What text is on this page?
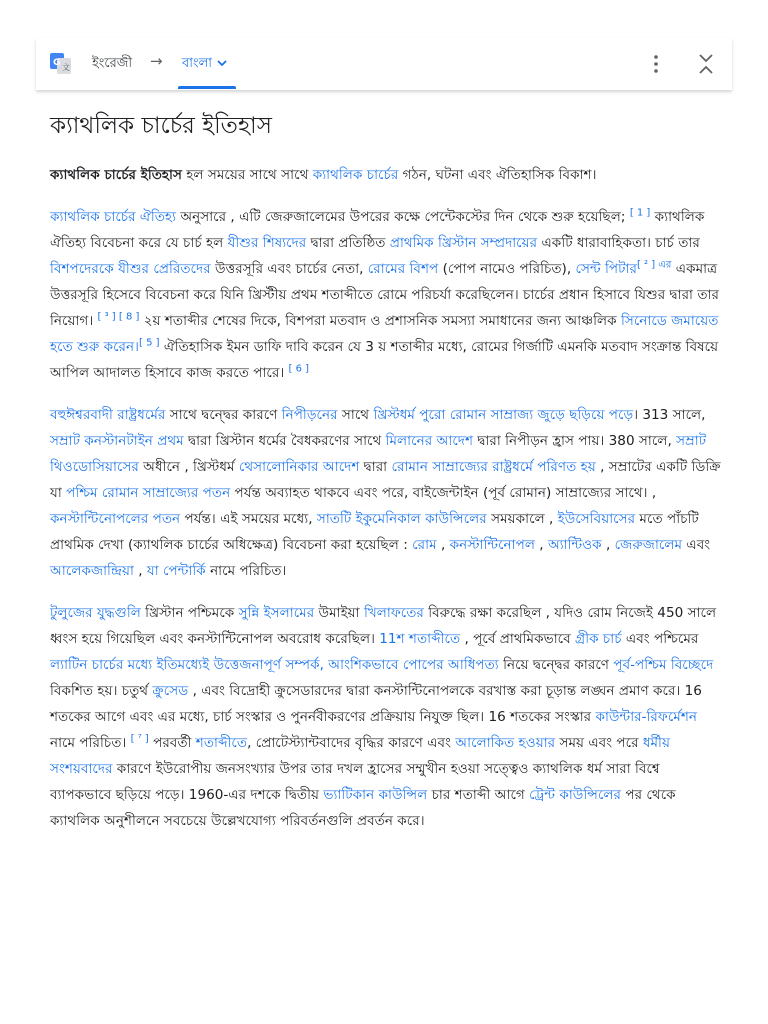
G 文 ইংরেজী → বাংলা
ক্যাথলিক চার্চের ইতিহাস

ক্যাথলিক চার্চের ইতিহাস হল সময়ের সাথে সাথে ক্যাথলিক চার্চের গঠন, ঘটনা এবং ঐতিহাসিক বিকাশ।

ক্যাথলিক চার্চের ঐতিহ্য অনুসারে , এটি জেরুজালেমের উপরের কক্ষে পেন্টেকস্টের দিন থেকে শুরু হয়েছিল; [ 1 ] ক্যাথলিক ঐতিহ্য বিবেচনা করে যে চার্চ হল যীশুর শিষ্যদের দ্বারা প্রতিষ্ঠিত প্রাথমিক খ্রিস্টান সম্প্রদায়ের একটি ধারাবাহিকতা। চার্চ তার বিশপদেরকে যীশুর প্রেরিতদের উত্তরসূরি এবং চার্চের নেতা, রোমের বিশপ (পোপ নামেও পরিচিত), সেন্ট পিটার$^{[ ^2 ] এর}$ একমাত্র উত্তরসূরি হিসেবে বিবেচনা করে যিনি খ্রিস্টীয় প্রথম শতাব্দীতে রোমে পরিচর্যা করেছিলেন। চার্চের প্রধান হিসাবে যিশুর দ্বারা তার নিয়োগ। [ ³ ] [ 8 ] ২য় শতাব্দীর শেষের দিকে, বিশপরা মতবাদ ও প্রশাসনিক সমস্যা সমাধানের জন্য আঞ্চলিক সিনোডে জমায়েত হতে শুরু করেন।[ 5 ] ঐতিহাসিক ইমন ডাফি দাবি করেন যে 3 য় শতাব্দীর মধ্যে, রোমের গির্জাটি এমনকি মতবাদ সংক্রান্ত বিষয়ে আপিল আদালত হিসাবে কাজ করতে পারে। [ 6 ]

বহুঈশ্বরবাদী রাষ্ট্রধর্মের সাথে দ্বন্দ্বের কারণে নিপীড়নের সাথে খ্রিস্টধর্ম পুরো রোমান সাম্রাজ্য জুড়ে ছড়িয়ে পড়ে। 313 সালে, সম্রাট কনস্টানটাইন প্রথম দ্বারা খ্রিস্টান ধর্মের বৈধকরণের সাথে মিলানের আদেশ দ্বারা নিপীড়ন হ্রাস পায়। 380 সালে, সম্রাট থিওডোসিয়াসের অধীনে , খ্রিস্টধর্ম থেসালোনিকার আদেশ দ্বারা রোমান সাম্রাজ্যের রাষ্ট্রধর্মে পরিণত হয় , সম্রাটের একটি ডিক্রি যা পশ্চিম রোমান সাম্রাজ্যের পতন পর্যন্ত অব্যাহত থাকবে এবং পরে, বাইজেন্টাইন (পূর্ব রোমান) সাম্রাজ্যের সাথে। , কনস্টান্টিনোপলের পতন পর্যন্ত। এই সময়ের মধ্যে, সাতটি ইকুমেনিকাল কাউন্সিলের সময়কালে , ইউসেবিয়াসের মতে পাঁচটি প্রাথমিক দেখা (ক্যাথলিক চার্চের অধিক্ষেত্র) বিবেচনা করা হয়েছিল : রোম , কনস্টান্টিনোপল , অ্যান্টিওক , জেরুজালেম এবং আলেকজান্দ্রিয়া , যা পেন্টার্কি নামে পরিচিত।

টুলুজের যুদ্ধগুলি খ্রিস্টান পশ্চিমকে সুন্নি ইসলামের উমাইয়া খিলাফতের বিরুদ্ধে রক্ষা করেছিল , যদিও রোম নিজেই 450 সালে ধ্বংস হয়ে গিয়েছিল এবং কনস্টান্টিনোপল অবরোধ করেছিল। 11শ শতাব্দীতে , পূর্বে প্রাথমিকভাবে গ্রীক চার্চ এবং পশ্চিমের ল্যাটিন চার্চের মধ্যে ইতিমধ্যেই উত্তেজনাপূর্ণ সম্পর্ক, আংশিকভাবে পোপের আধিপত্য নিয়ে দ্বন্দ্বের কারণে পূর্ব-পশ্চিম বিচ্ছেদে বিকশিত হয়। চতুর্থ ক্রুসেড , এবং বিদ্রোহী ক্রুসেডারদের দ্বারা কনস্টান্টিনোপলকে বরখাস্ত করা চূড়ান্ত লঙ্ঘন প্রমাণ করে। 16 শতকের আগে এবং এর মধ্যে, চার্চ সংস্কার ও পুনর্নবীকরণের প্রক্রিয়ায় নিযুক্ত ছিল। 16 শতকের সংস্কার কাউন্টার-রিফর্মেশন নামে পরিচিত। [ ⁷ ] পরবর্তী শতাব্দীতে, প্রোটেস্ট্যান্টবাদের বৃদ্ধির কারণে এবং আলোকিত হওয়ার সময় এবং পরে ধর্মীয় সংশয়বাদের কারণে ইউরোপীয় জনসংখ্যার উপর তার দখল হ্রাসের সম্মুখীন হওয়া সত্ত্বেও ক্যাথলিক ধর্ম সারা বিশ্বে ব্যাপকভাবে ছড়িয়ে পড়ে। 1960-এর দশকে দ্বিতীয় ভ্যাটিকান কাউন্সিল চার শতাব্দী আগে ট্রেন্ট কাউন্সিলের পর থেকে ক্যাথলিক অনুশীলনে সবচেয়ে উল্লেখযোগ্য পরিবর্তনগুলি প্রবর্তন করে।
